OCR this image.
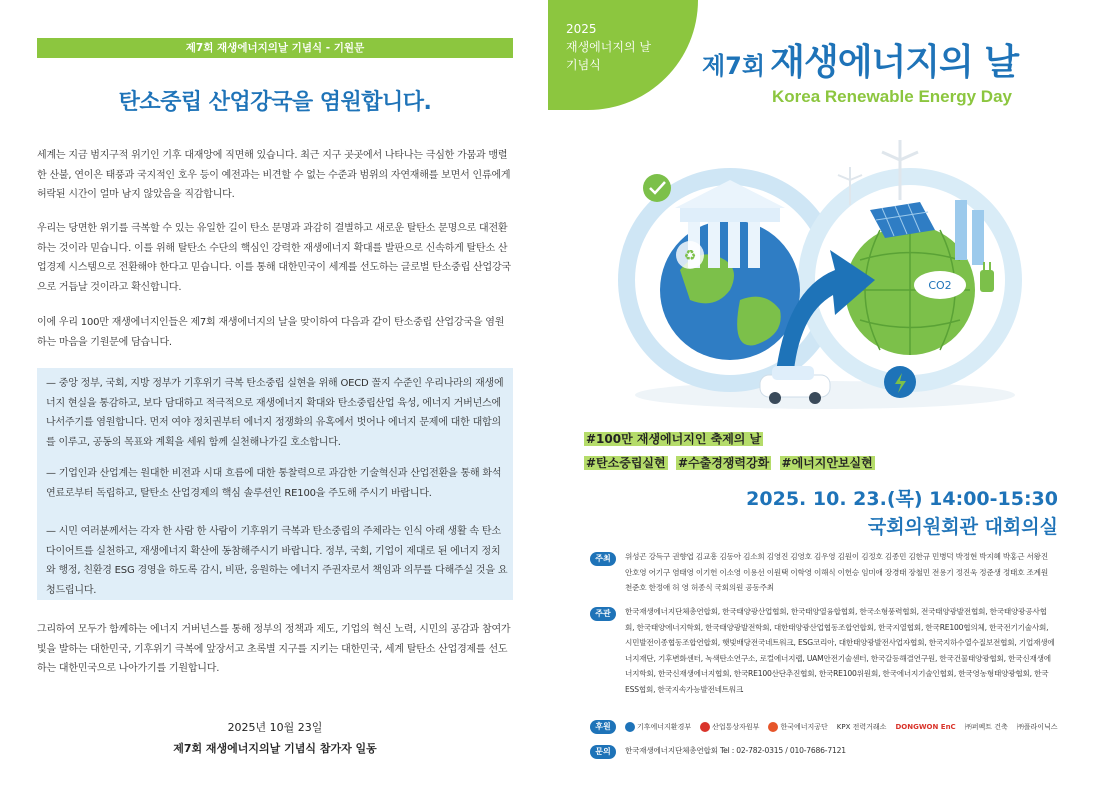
제7회 재생에너지의날 기념식 - 기원문
탄소중립 산업강국을 염원합니다.
세계는 지금 범지구적 위기인 기후 대재앙에 직면해 있습니다. 최근 지구 곳곳에서 나타나는 극심한 가뭄과 맹렬한 산불, 연이은 태풍과 국지적인 호우 등이 예전과는 비견할 수 없는 수준과 범위의 자연재해를 보면서 인류에게 허락된 시간이 얼마 남지 않았음을 직감합니다.
우리는 당면한 위기를 극복할 수 있는 유일한 길이 탄소 문명과 과감히 결별하고 새로운 탈탄소 문명으로 대전환하는 것이라 믿습니다. 이를 위해 탈탄소 수단의 핵심인 강력한 재생에너지 확대를 발판으로 신속하게 탈탄소 산업경제 시스템으로 전환해야 한다고 믿습니다. 이를 통해 대한민국이 세계를 선도하는 글로벌 탄소중립 산업강국으로 거듭날 것이라고 확신합니다.
이에 우리 100만 재생에너지인들은 제7회 재생에너지의 날을 맞이하여 다음과 같이 탄소중립 산업강국을 염원하는 마음을 기원문에 담습니다.
— 중앙 정부, 국회, 지방 정부가 기후위기 극복 탄소중립 실현을 위해 OECD 꼴지 수준인 우리나라의 재생에너지 현실을 통감하고, 보다 담대하고 적극적으로 재생에너지 확대와 탄소중립산업 육성, 에너지 거버넌스에 나서주기를 염원합니다. 먼저 여야 정치권부터 에너지 정쟁화의 유혹에서 벗어나 에너지 문제에 대한 대합의를 이루고, 공동의 목표와 계획을 세워 함께 실천해나가길 호소합니다.
— 기업인과 산업계는 원대한 비전과 시대 흐름에 대한 통찰력으로 과감한 기술혁신과 산업전환을 통해 화석연료로부터 독립하고, 탈탄소 산업경제의 핵심 솔루션인 RE100을 주도해 주시기 바랍니다.
— 시민 여러분께서는 각자 한 사람 한 사람이 기후위기 극복과 탄소중립의 주체라는 인식 아래 생활 속 탄소 다이어트를 실천하고, 재생에너지 확산에 동참해주시기 바랍니다. 정부, 국회, 기업이 제대로 된 에너지 정치와 행정, 친환경 ESG 경영을 하도록 감시, 비판, 응원하는 에너지 주권자로서 책임과 의무를 다해주실 것을 요청드립니다.
그리하여 모두가 함께하는 에너지 거버넌스를 통해 정부의 정책과 제도, 기업의 혁신 노력, 시민의 공감과 참여가 빛을 발하는 대한민국, 기후위기 극복에 앞장서고 초록별 지구를 지키는 대한민국, 세계 탈탄소 산업경제를 선도하는 대한민국으로 나아가기를 기원합니다.
2025년 10월 23일
제7회 재생에너지의날 기념식 참가자 일동
2025
재생에너지의 날
기념식	제7회 재생에너지의 날
Korea Renewable Energy Day
♻
CO2
#100만 재생에너지인 축제의 날
#탄소중립실현 #수출경쟁력강화 #에너지안보실현
2025. 10. 23.(목) 14:00-15:30
국회의원회관 대회의실
주최	위성곤 강득구 권향엽 김교흥 김동아 김소희 김영진 김영호 김우영 김원이 김정호 김종민 김한규 민병덕 박정현 박지혜 박홍근 서왕진 안호영 어기구 염태영 이기헌 이소영 이용선 이원택 이학영 이해식 이헌승 임미애 장경태 장철민 전용기 정진욱 정준생 정태호 조계원 천준호 한정애 허 영 허종식 국회의원 공동주최
주관	한국재생에너지단체총연합회, 한국태양광산업협회, 한국태양열융합협회, 한국소형풍력협회, 전국태양광발전협회, 한국태양광공사협회, 한국태양에너지학회, 한국태양광발전학회, 대한태양광산업협동조합연합회, 한국지열협회, 한국RE100협의체, 한국전기기술사회, 시민발전이종협동조합연합회, 햇빛배당전국네트워크, ESG코리아, 대한태양광발전사업자협회, 한국지하수열수질보전협회, 기업재생에너지재단, 기후변화센터, 녹색탄소연구소, 로컬에너지랩, UAM안전기술센터, 한국갈등해결연구원, 한국건물태양광협회, 한국신재생에너지학회, 한국신재생에너지협회, 한국RE100산단추진협회, 한국RE100위원회, 한국에너지기술인협회, 한국영농형태양광협회, 한국ESS협회, 한국지속가능발전네트워크
후원	기후에너지환경부	산업통상자원부	한국에너지공단 KPX 전력거래소 DONGWON EnC ㈜퍼펙트 건축 ㈜플라이닉스
문의	한국재생에너지단체총연합회 Tel : 02-782-0315 / 010-7686-7121
